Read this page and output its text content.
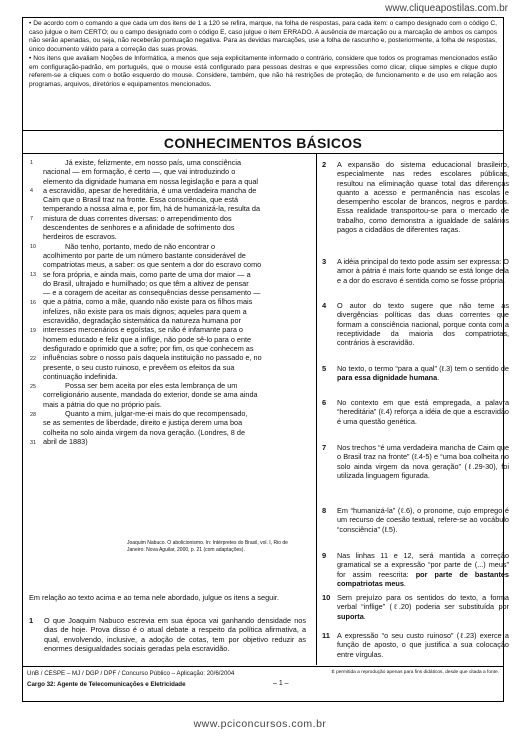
www.cliqueapostilas.com.br

• De acordo com o comando a que cada um dos itens de 1 a 120 se refira, marque, na folha de respostas, para cada item: o campo designado com o código C, caso julgue o item CERTO; ou o campo designado com o código E, caso julgue o item ERRADO. A ausência de marcação ou a marcação de ambos os campos não serão apenadas, ou seja, não receberão pontuação negativa. Para as devidas marcações, use a folha de rascunho e, posteriormente, a folha de respostas, único documento válido para a correção das suas provas.

• Nos itens que avaliam Noções de Informática, a menos que seja explicitamente informado o contrário, considere que todos os programas mencionados estão em configuração-padrão, em português, que o mouse está configurado para pessoas destras e que expressões como clicar, clique simples e clique duplo referem-se a cliques com o botão esquerdo do mouse. Considere, também, que não há restrições de proteção, de funcionamento e de uso em relação aos programas, arquivos, diretórios e equipamentos mencionados.

CONHECIMENTOS BÁSICOS
1
4
7
10
13
16
19
22
25
28
31
Já existe, felizmente, em nosso país, uma consciência
nacional — em formação, é certo —, que vai introduzindo o
elemento da dignidade humana em nossa legislação e para a qual
a escravidão, apesar de hereditária, é uma verdadeira mancha de
Caim que o Brasil traz na fronte. Essa consciência, que está
temperando a nossa alma e, por fim, há de humanizá-la, resulta da
mistura de duas correntes diversas: o arrependimento dos
descendentes de senhores e a afinidade de sofrimento dos
herdeiros de escravos.
Não tenho, portanto, medo de não encontrar o
acolhimento por parte de um número bastante considerável de
compatriotas meus, a saber: os que sentem a dor do escravo como
se fora própria, e ainda mais, como parte de uma dor maior — a
do Brasil, ultrajado e humilhado; os que têm a altivez de pensar
— e a coragem de aceitar as consequências desse pensamento —
que a pátria, como a mãe, quando não existe para os filhos mais
infelizes, não existe para os mais dignos; aqueles para quem a
escravidão, degradação sistemática da natureza humana por
interesses mercenários e egoístas, se não é infamante para o
homem educado e feliz que a inflige, não pode sê-lo para o ente
desfigurado e oprimido que a sofre; por fim, os que conhecem as
influências sobre o nosso país daquela instituição no passado e, no
presente, o seu custo ruinoso, e prevêem os efeitos da sua
continuação indefinida.
Possa ser bem aceita por eles esta lembrança de um
correligionário ausente, mandada do exterior, donde se ama ainda
mais a pátria do que no próprio país.
Quanto a mim, julgar-me-ei mais do que recompensado,
se as sementes de liberdade, direito e justiça derem uma boa
colheita no solo ainda virgem da nova geração. (Londres, 8 de
abril de 1883)
Joaquim Nabuco. O abolicionismo. In: Intérpretes do Brasil, vol. I, Rio de Janeiro: Nova Aguilar, 2000, p. 21 (com adaptações).
Em relação ao texto acima e ao tema nele abordado, julgue os itens a seguir.
1 O que Joaquim Nabuco escrevia em sua época vai ganhando densidade nos dias de hoje. Prova disso é o atual debate a respeito da política afirmativa, a qual, envolvendo, inclusive, a adoção de cotas, tem por objetivo reduzir as enormes desigualdades sociais geradas pela escravidão.
2 A expansão do sistema educacional brasileiro, especialmente nas redes escolares públicas, resultou na eliminação quase total das diferenças quanto a acesso e permanência nas escolas e desempenho escolar de brancos, negros e pardos. Essa realidade transportou-se para o mercado de trabalho, como demonstra a igualdade de salários pagos a cidadãos de diferentes raças.
3 A idéia principal do texto pode assim ser expressa: O amor à pátria é mais forte quando se está longe dela e a dor do escravo é sentida como se fosse própria.
4 O autor do texto sugere que não teme as divergências políticas das duas correntes que formam a consciência nacional, porque conta com a receptividade da maioria dos compatriotas, contrários à escravidão.
5 No texto, o termo “para a qual” (ℓ.3) tem o sentido de para essa dignidade humana.
6 No contexto em que está empregada, a palavra “hereditária” (ℓ.4) reforça a idéia de que a escravidão é uma questão genética.
7 Nos trechos “é uma verdadeira mancha de Caim que o Brasil traz na fronte” (ℓ.4-5) e “uma boa colheita no solo ainda virgem da nova geração” (ℓ.29-30), foi utilizada linguagem figurada.
8 Em “humanizá-la” (ℓ.6), o pronome, cujo emprego é um recurso de coesão textual, refere-se ao vocábulo “consciência” (ℓ.5).
9 Nas linhas 11 e 12, será mantida a correção gramatical se a expressão “por parte de (...) meus” for assim reescrita: por parte de bastantes compatriotas meus.
10 Sem prejuízo para os sentidos do texto, a forma verbal “inflige” (ℓ.20) poderia ser substituída por suporta.
11 A expressão “o seu custo ruinoso” (ℓ.23) exerce a função de aposto, o que justifica a sua colocação entre vírgulas.
UnB / CESPE – MJ / DGP / DPF / Concurso Público – Aplicação: 20/6/2004	É permitida a reprodução apenas para fins didáticos, desde que citada a fonte.
Cargo 32: Agente de Telecomunicações e Eletricidade	– 1 –
www.pciconcursos.com.br
